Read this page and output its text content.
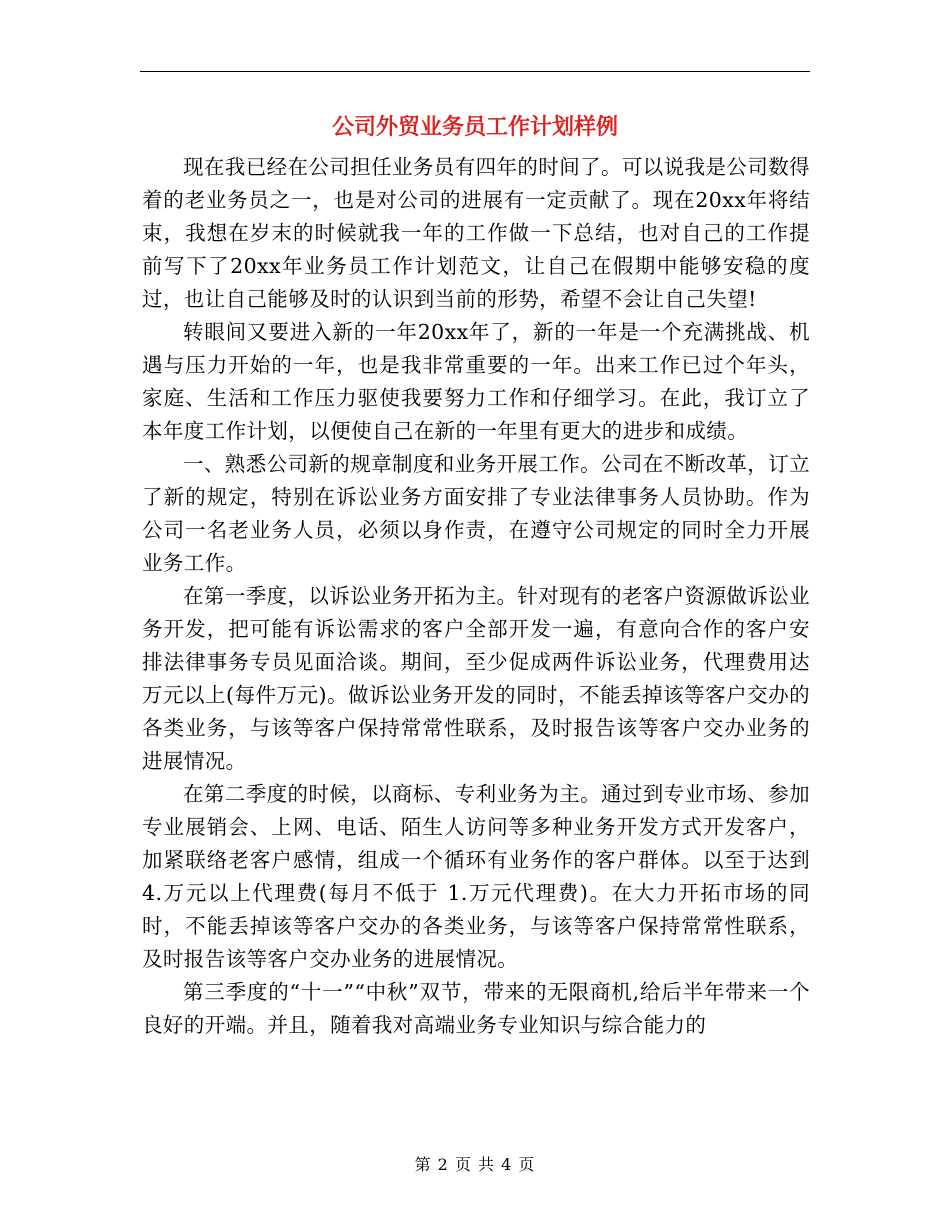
公司外贸业务员工作计划样例

现在我已经在公司担任业务员有四年的时间了。可以说我是公司数得着的老业务员之一，也是对公司的进展有一定贡献了。现在20xx年将结束，我想在岁末的时候就我一年的工作做一下总结，也对自己的工作提前写下了20xx年业务员工作计划范文，让自己在假期中能够安稳的度过，也让自己能够及时的认识到当前的形势，希望不会让自己失望!

转眼间又要进入新的一年20xx年了，新的一年是一个充满挑战、机遇与压力开始的一年，也是我非常重要的一年。出来工作已过个年头，家庭、生活和工作压力驱使我要努力工作和仔细学习。在此，我订立了本年度工作计划，以便使自己在新的一年里有更大的进步和成绩。

一、熟悉公司新的规章制度和业务开展工作。公司在不断改革，订立了新的规定，特别在诉讼业务方面安排了专业法律事务人员协助。作为公司一名老业务人员，必须以身作责，在遵守公司规定的同时全力开展业务工作。

在第一季度，以诉讼业务开拓为主。针对现有的老客户资源做诉讼业务开发，把可能有诉讼需求的客户全部开发一遍，有意向合作的客户安排法律事务专员见面洽谈。期间，至少促成两件诉讼业务，代理费用达万元以上(每件万元)。做诉讼业务开发的同时，不能丢掉该等客户交办的各类业务，与该等客户保持常常性联系，及时报告该等客户交办业务的进展情况。

在第二季度的时候，以商标、专利业务为主。通过到专业市场、参加专业展销会、上网、电话、陌生人访问等多种业务开发方式开发客户，加紧联络老客户感情，组成一个循环有业务作的客户群体。以至于达到4.万元以上代理费(每月不低于 1.万元代理费)。在大力开拓市场的同时，不能丢掉该等客户交办的各类业务，与该等客户保持常常性联系，及时报告该等客户交办业务的进展情况。

第三季度的“十一”“中秋”双节，带来的无限商机,给后半年带来一个良好的开端。并且，随着我对高端业务专业知识与综合能力的

第 2 页 共 4 页
